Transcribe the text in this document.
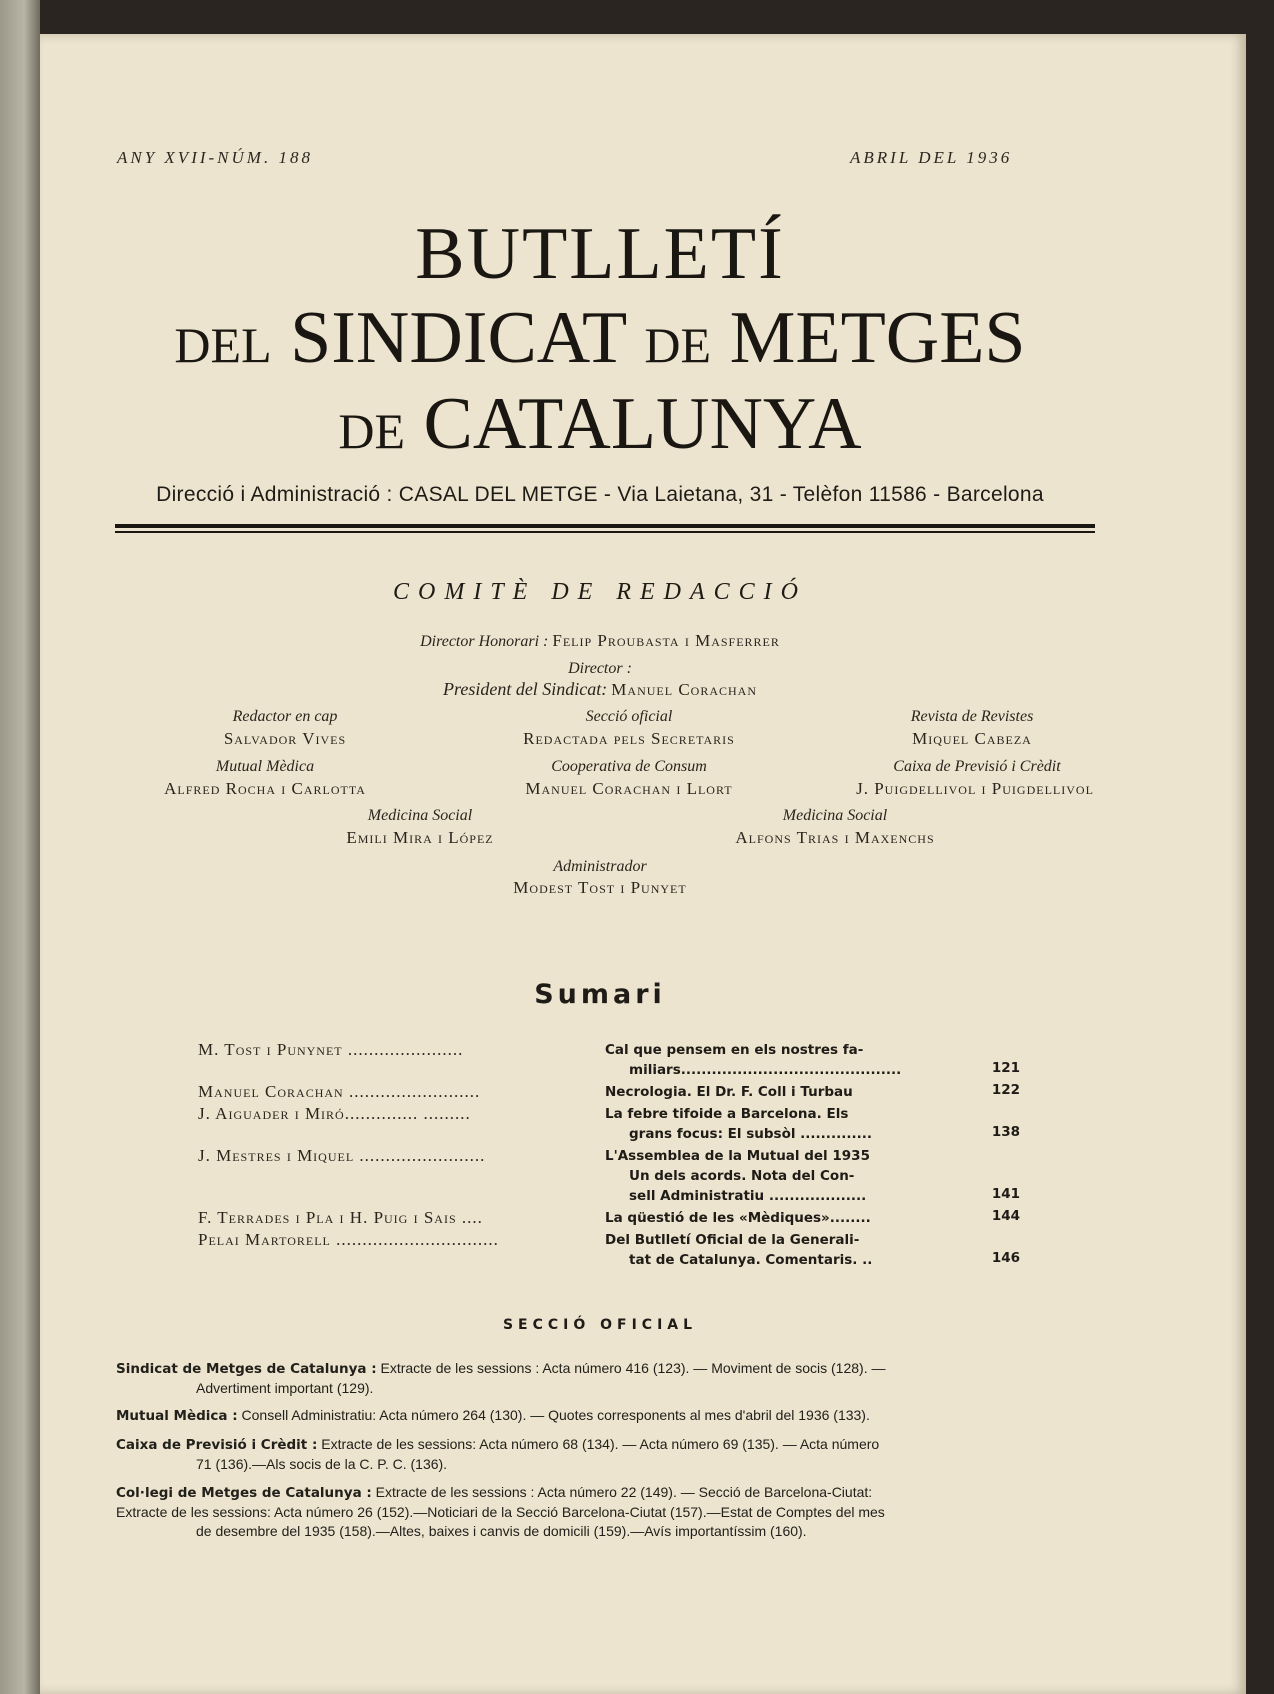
ANY XVII-NÚM. 188	ABRIL DEL 1936
BUTLLETÍ
DEL SINDICAT DE METGES
DE CATALUNYA
Direcció i Administració : CASAL DEL METGE - Via Laietana, 31 - Telèfon 11586 - Barcelona
COMITÈ DE REDACCIÓ
Director Honorari : Felip Proubasta i Masferrer
Director :
President del Sindicat: Manuel Corachan
Redactor en cap
Salvador Vives
Secció oficial
Redactada pels Secretaris
Revista de Revistes
Miquel Cabeza
Mutual Mèdica
Alfred Rocha i Carlotta
Cooperativa de Consum
Manuel Corachan i Llort
Caixa de Previsió i Crèdit
J. Puigdellivol i Puigdellivol
Medicina Social
Emili Mira i López
Medicina Social
Alfons Trias i Maxenchs
Administrador
Modest Tost i Punyet
Sumari
M. Tost i Punynet ......................	Cal que pensem en els nostres fa-
miliars...........................................	121
Manuel Corachan .........................	Necrologia. El Dr. F. Coll i Turbau	122
J. Aiguader i Miró.............. .........	La febre tifoide a Barcelona. Els
grans focus: El subsòl ..............	138
J. Mestres i Miquel ........................	L'Assemblea de la Mutual del 1935
Un dels acords. Nota del Con-
sell Administratiu ...................	141
F. Terrades i Pla i H. Puig i Sais ....	La qüestió de les «Mèdiques»........	144
Pelai Martorell ...............................	Del Butlletí Oficial de la Generali-
tat de Catalunya. Comentaris. ..	146
SECCIÓ OFICIAL
Sindicat de Metges de Catalunya : Extracte de les sessions : Acta número 416 (123). — Moviment de socis (128). —
Advertiment important (129).
Mutual Mèdica : Consell Administratiu: Acta número 264 (130). — Quotes corresponents al mes d'abril del 1936 (133).
Caixa de Previsió i Crèdit : Extracte de les sessions: Acta número 68 (134). — Acta número 69 (135). — Acta número
71 (136).—Als socis de la C. P. C. (136).
Col·legi de Metges de Catalunya : Extracte de les sessions : Acta número 22 (149). — Secció de Barcelona-Ciutat:
Extracte de les sessions: Acta número 26 (152).—Noticiari de la Secció Barcelona-Ciutat (157).—Estat de Comptes del mes
de desembre del 1935 (158).—Altes, baixes i canvis de domicili (159).—Avís importantíssim (160).
